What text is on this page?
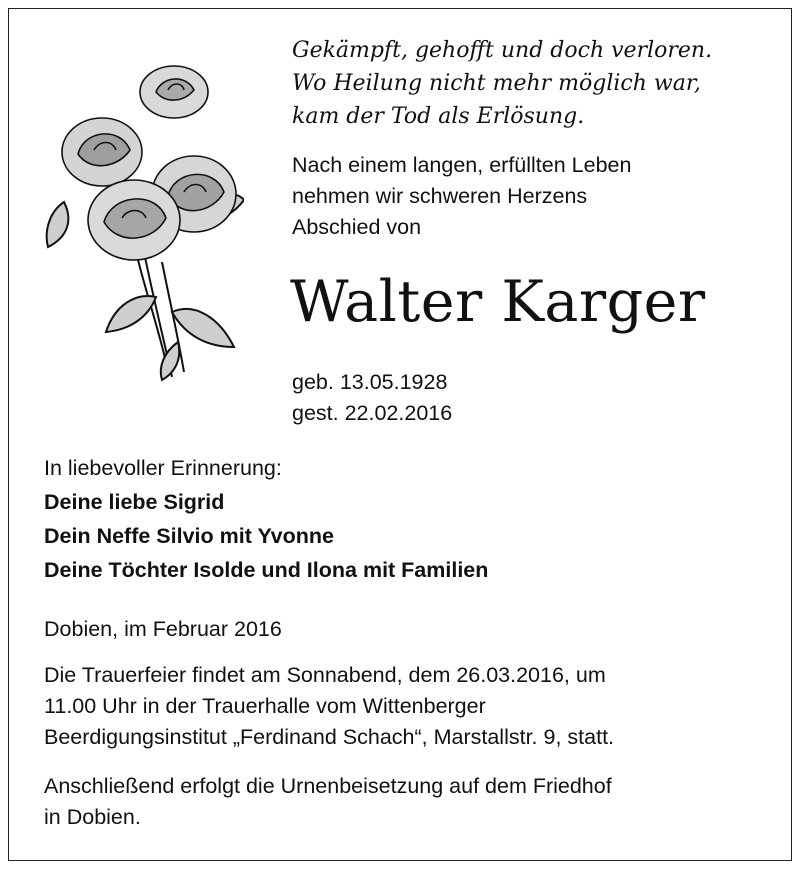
Gekämpft, gehofft und doch verloren.
Wo Heilung nicht mehr möglich war,
kam der Tod als Erlösung.
Nach einem langen, erfüllten Leben
nehmen wir schweren Herzens
Abschied von
Walter Karger
geb. 13.05.1928
gest. 22.02.2016
In liebevoller Erinnerung:
Deine liebe Sigrid
Dein Neffe Silvio mit Yvonne
Deine Töchter Isolde und Ilona mit Familien
Dobien, im Februar 2016
Die Trauerfeier findet am Sonnabend, dem 26.03.2016, um
11.00 Uhr in der Trauerhalle vom Wittenberger
Beerdigungsinstitut „Ferdinand Schach“, Marstallstr. 9, statt.
Anschließend erfolgt die Urnenbeisetzung auf dem Friedhof
in Dobien.
